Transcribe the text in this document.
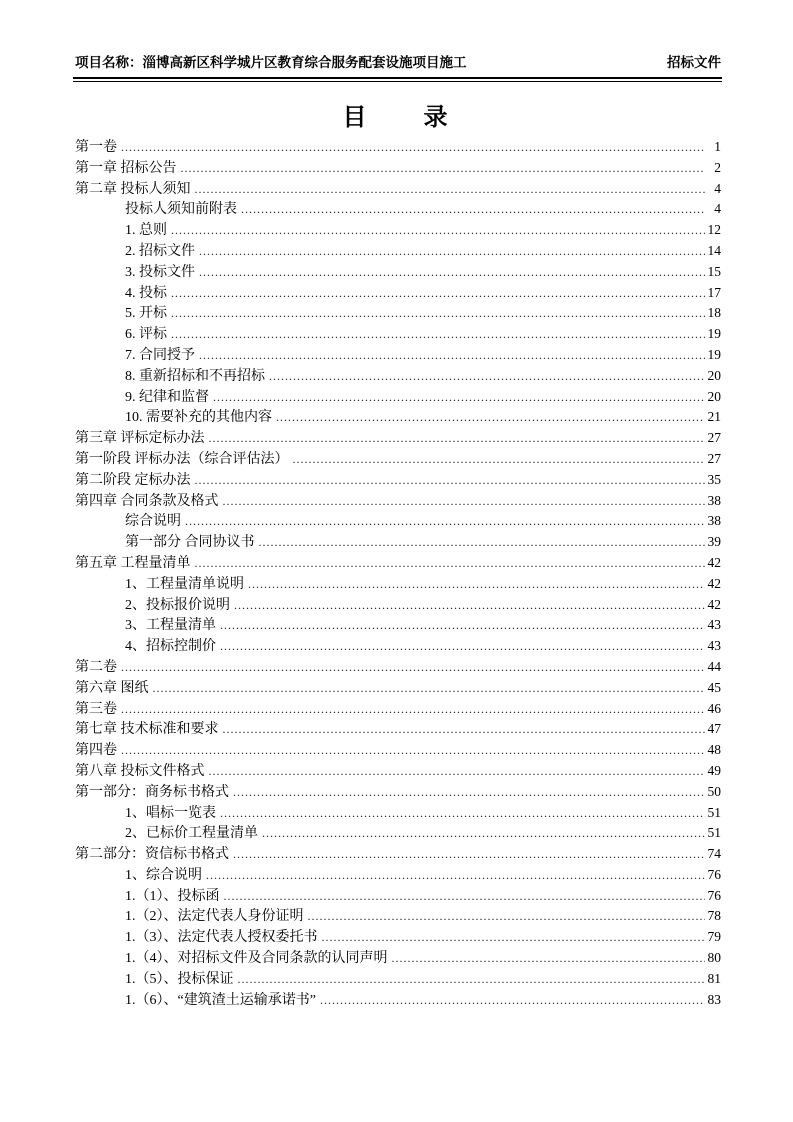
项目名称：淄博高新区科学城片区教育综合服务配套设施项目施工	招标文件
目　　录
第一卷 .....	1
第一章 招标公告 .....	2
第二章 投标人须知 .....	4
投标人须知前附表 .....	4
1. 总则 .....	12
2. 招标文件 .....	14
3. 投标文件 .....	15
4. 投标 .....	17
5. 开标 .....	18
6. 评标 .....	19
7. 合同授予 .....	19
8. 重新招标和不再招标 .....	20
9. 纪律和监督 .....	20
10. 需要补充的其他内容 .....	21
第三章 评标定标办法 .....	27
第一阶段 评标办法（综合评估法） .....	27
第二阶段 定标办法 .....	35
第四章 合同条款及格式 .....	38
综合说明 .....	38
第一部分 合同协议书 .....	39
第五章 工程量清单 .....	42
1、工程量清单说明 .....	42
2、投标报价说明 .....	42
3、工程量清单 .....	43
4、招标控制价 .....	43
第二卷 .....	44
第六章 图纸 .....	45
第三卷 .....	46
第七章 技术标准和要求 .....	47
第四卷 .....	48
第八章 投标文件格式 .....	49
第一部分：商务标书格式 .....	50
1、唱标一览表 .....	51
2、已标价工程量清单 .....	51
第二部分：资信标书格式 .....	74
1、综合说明 .....	76
1.（1）、投标函 .....	76
1.（2）、法定代表人身份证明 .....	78
1.（3）、法定代表人授权委托书 .....	79
1.（4）、对招标文件及合同条款的认同声明 .....	80
1.（5）、投标保证 .....	81
1.（6）、“建筑渣土运输承诺书” .....	83
